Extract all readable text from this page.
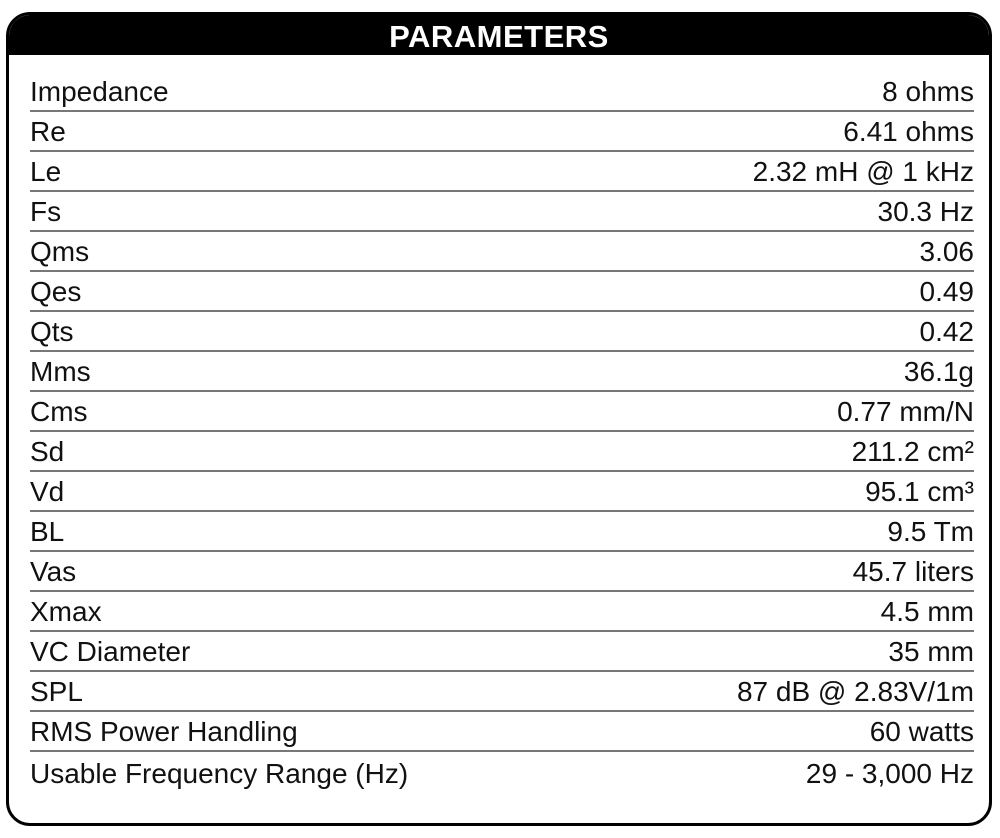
PARAMETERS
Impedance	8 ohms
Re	6.41 ohms
Le	2.32 mH @ 1 kHz
Fs	30.3 Hz
Qms	3.06
Qes	0.49
Qts	0.42
Mms	36.1g
Cms	0.77 mm/N
Sd	211.2 cm²
Vd	95.1 cm³
BL	9.5 Tm
Vas	45.7 liters
Xmax	4.5 mm
VC Diameter	35 mm
SPL	87 dB @ 2.83V/1m
RMS Power Handling	60 watts
Usable Frequency Range (Hz)	29 - 3,000 Hz
